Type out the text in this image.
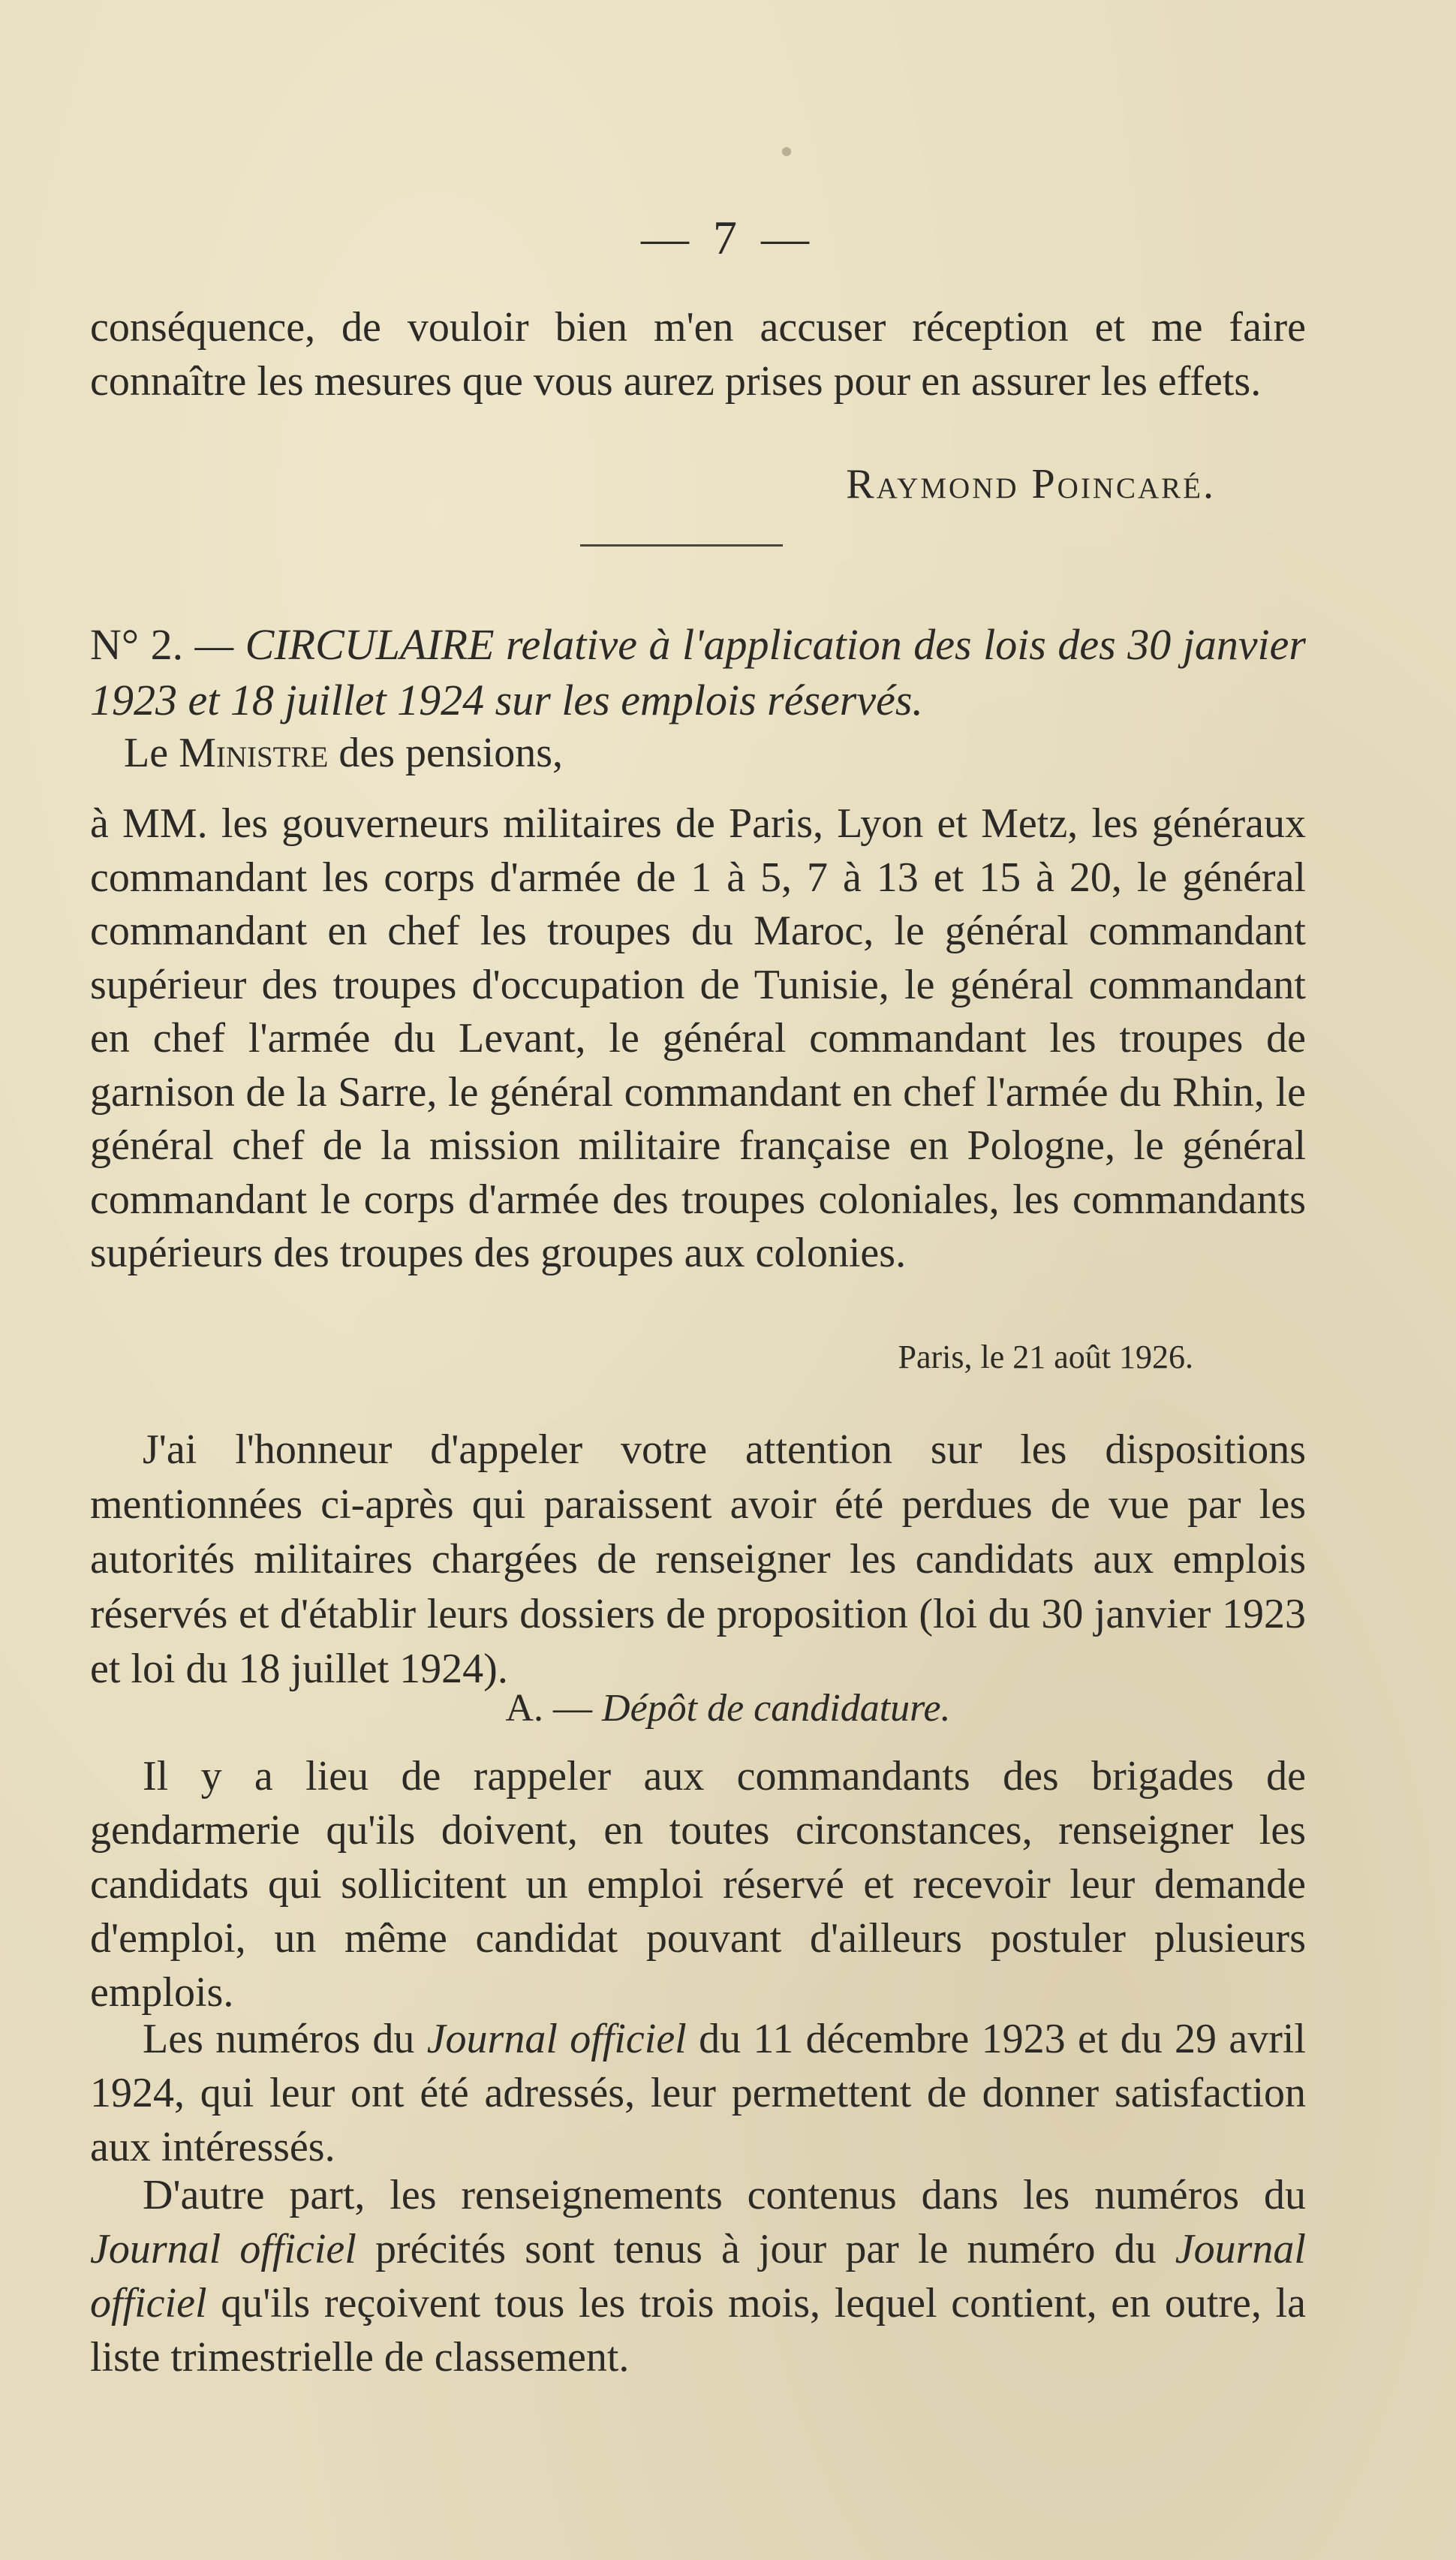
— 7 —

conséquence, de vouloir bien m'en accuser réception et me faire connaître les mesures que vous aurez prises pour en assurer les effets.

Raymond Poincaré.

N° 2. — CIRCULAIRE relative à l'application des lois des 30 janvier 1923 et 18 juillet 1924 sur les emplois réservés.

Le Ministre des pensions,

à MM. les gouverneurs militaires de Paris, Lyon et Metz, les généraux commandant les corps d'armée de 1 à 5, 7 à 13 et 15 à 20, le général commandant en chef les troupes du Maroc, le général commandant supérieur des troupes d'occupation de Tunisie, le général commandant en chef l'armée du Levant, le général commandant les troupes de garnison de la Sarre, le général commandant en chef l'armée du Rhin, le général chef de la mission militaire française en Pologne, le général commandant le corps d'armée des troupes coloniales, les commandants supérieurs des troupes des groupes aux colonies.

Paris, le 21 août 1926.

J'ai l'honneur d'appeler votre attention sur les dispositions mentionnées ci-après qui paraissent avoir été perdues de vue par les autorités militaires chargées de renseigner les candidats aux emplois réservés et d'établir leurs dossiers de proposition (loi du 30 janvier 1923 et loi du 18 juillet 1924).

A. — Dépôt de candidature.

Il y a lieu de rappeler aux commandants des brigades de gendarmerie qu'ils doivent, en toutes circonstances, renseigner les candidats qui sollicitent un emploi réservé et recevoir leur demande d'emploi, un même candidat pouvant d'ailleurs postuler plusieurs emplois.

Les numéros du Journal officiel du 11 décembre 1923 et du 29 avril 1924, qui leur ont été adressés, leur permettent de donner satisfaction aux intéressés.

D'autre part, les renseignements contenus dans les numéros du Journal officiel précités sont tenus à jour par le numéro du Journal officiel qu'ils reçoivent tous les trois mois, lequel contient, en outre, la liste trimestrielle de classement.
